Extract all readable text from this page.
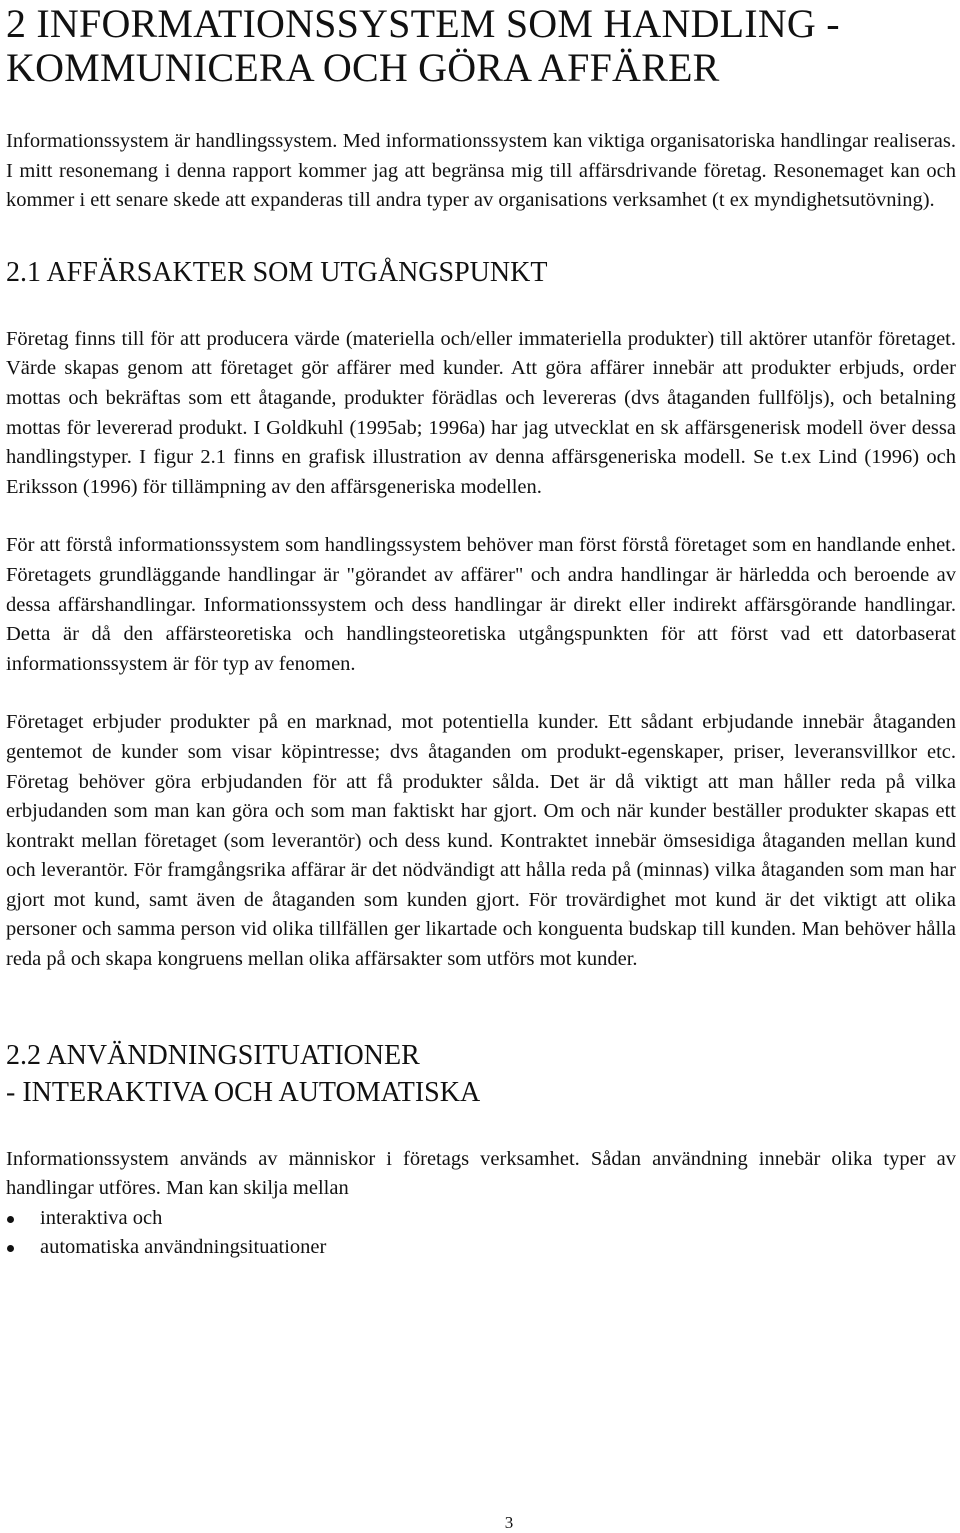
2 INFORMATIONSSYSTEM SOM HANDLING -
KOMMUNICERA OCH GÖRA AFFÄRER

Informationssystem är handlingssystem. Med informationssystem kan viktiga organisatoriska handlingar realiseras. I mitt resonemang i denna rapport kommer jag att begränsa mig till affärsdrivande företag. Resonemaget kan och kommer i ett senare skede att expanderas till andra typer av organisations verksamhet (t ex myndighetsutövning).

2.1 AFFÄRSAKTER SOM UTGÅNGSPUNKT

Företag finns till för att producera värde (materiella och/eller immateriella produkter) till aktörer utanför företaget. Värde skapas genom att företaget gör affärer med kunder. Att göra affärer innebär att produkter erbjuds, order mottas och bekräftas som ett åtagande, produkter förädlas och levereras (dvs åtaganden fullföljs), och betalning mottas för levererad produkt. I Goldkuhl (1995ab; 1996a) har jag utvecklat en sk affärsgenerisk modell över dessa handlingstyper. I figur 2.1 finns en grafisk illustration av denna affärsgeneriska modell. Se t.ex Lind (1996) och Eriksson (1996) för tillämpning av den affärsgeneriska modellen.

För att förstå informationssystem som handlingssystem behöver man först förstå företaget som en handlande enhet. Företagets grundläggande handlingar är "görandet av affärer" och andra handlingar är härledda och beroende av dessa affärshandlingar. Informationssystem och dess handlingar är direkt eller indirekt affärsgörande handlingar. Detta är då den affärsteoretiska och handlingsteoretiska utgångspunkten för att först vad ett datorbaserat informationssystem är för typ av fenomen.

Företaget erbjuder produkter på en marknad, mot potentiella kunder. Ett sådant erbjudande innebär åtaganden gentemot de kunder som visar köpintresse; dvs åtaganden om produkt-egenskaper, priser, leveransvillkor etc. Företag behöver göra erbjudanden för att få produkter sålda. Det är då viktigt att man håller reda på vilka erbjudanden som man kan göra och som man faktiskt har gjort. Om och när kunder beställer produkter skapas ett kontrakt mellan företaget (som leverantör) och dess kund. Kontraktet innebär ömsesidiga åtaganden mellan kund och leverantör. För framgångsrika affärar är det nödvändigt att hålla reda på (minnas) vilka åtaganden som man har gjort mot kund, samt även de åtaganden som kunden gjort. För trovärdighet mot kund är det viktigt att olika personer och samma person vid olika tillfällen ger likartade och konguenta budskap till kunden. Man behöver hålla reda på och skapa kongruens mellan olika affärsakter som utförs mot kunder.

2.2 ANVÄNDNINGSITUATIONER
- INTERAKTIVA OCH AUTOMATISKA

Informationssystem används av människor i företags verksamhet. Sådan användning innebär olika typer av handlingar utföres. Man kan skilja mellan

interaktiva och
automatiska användningsituationer
3
